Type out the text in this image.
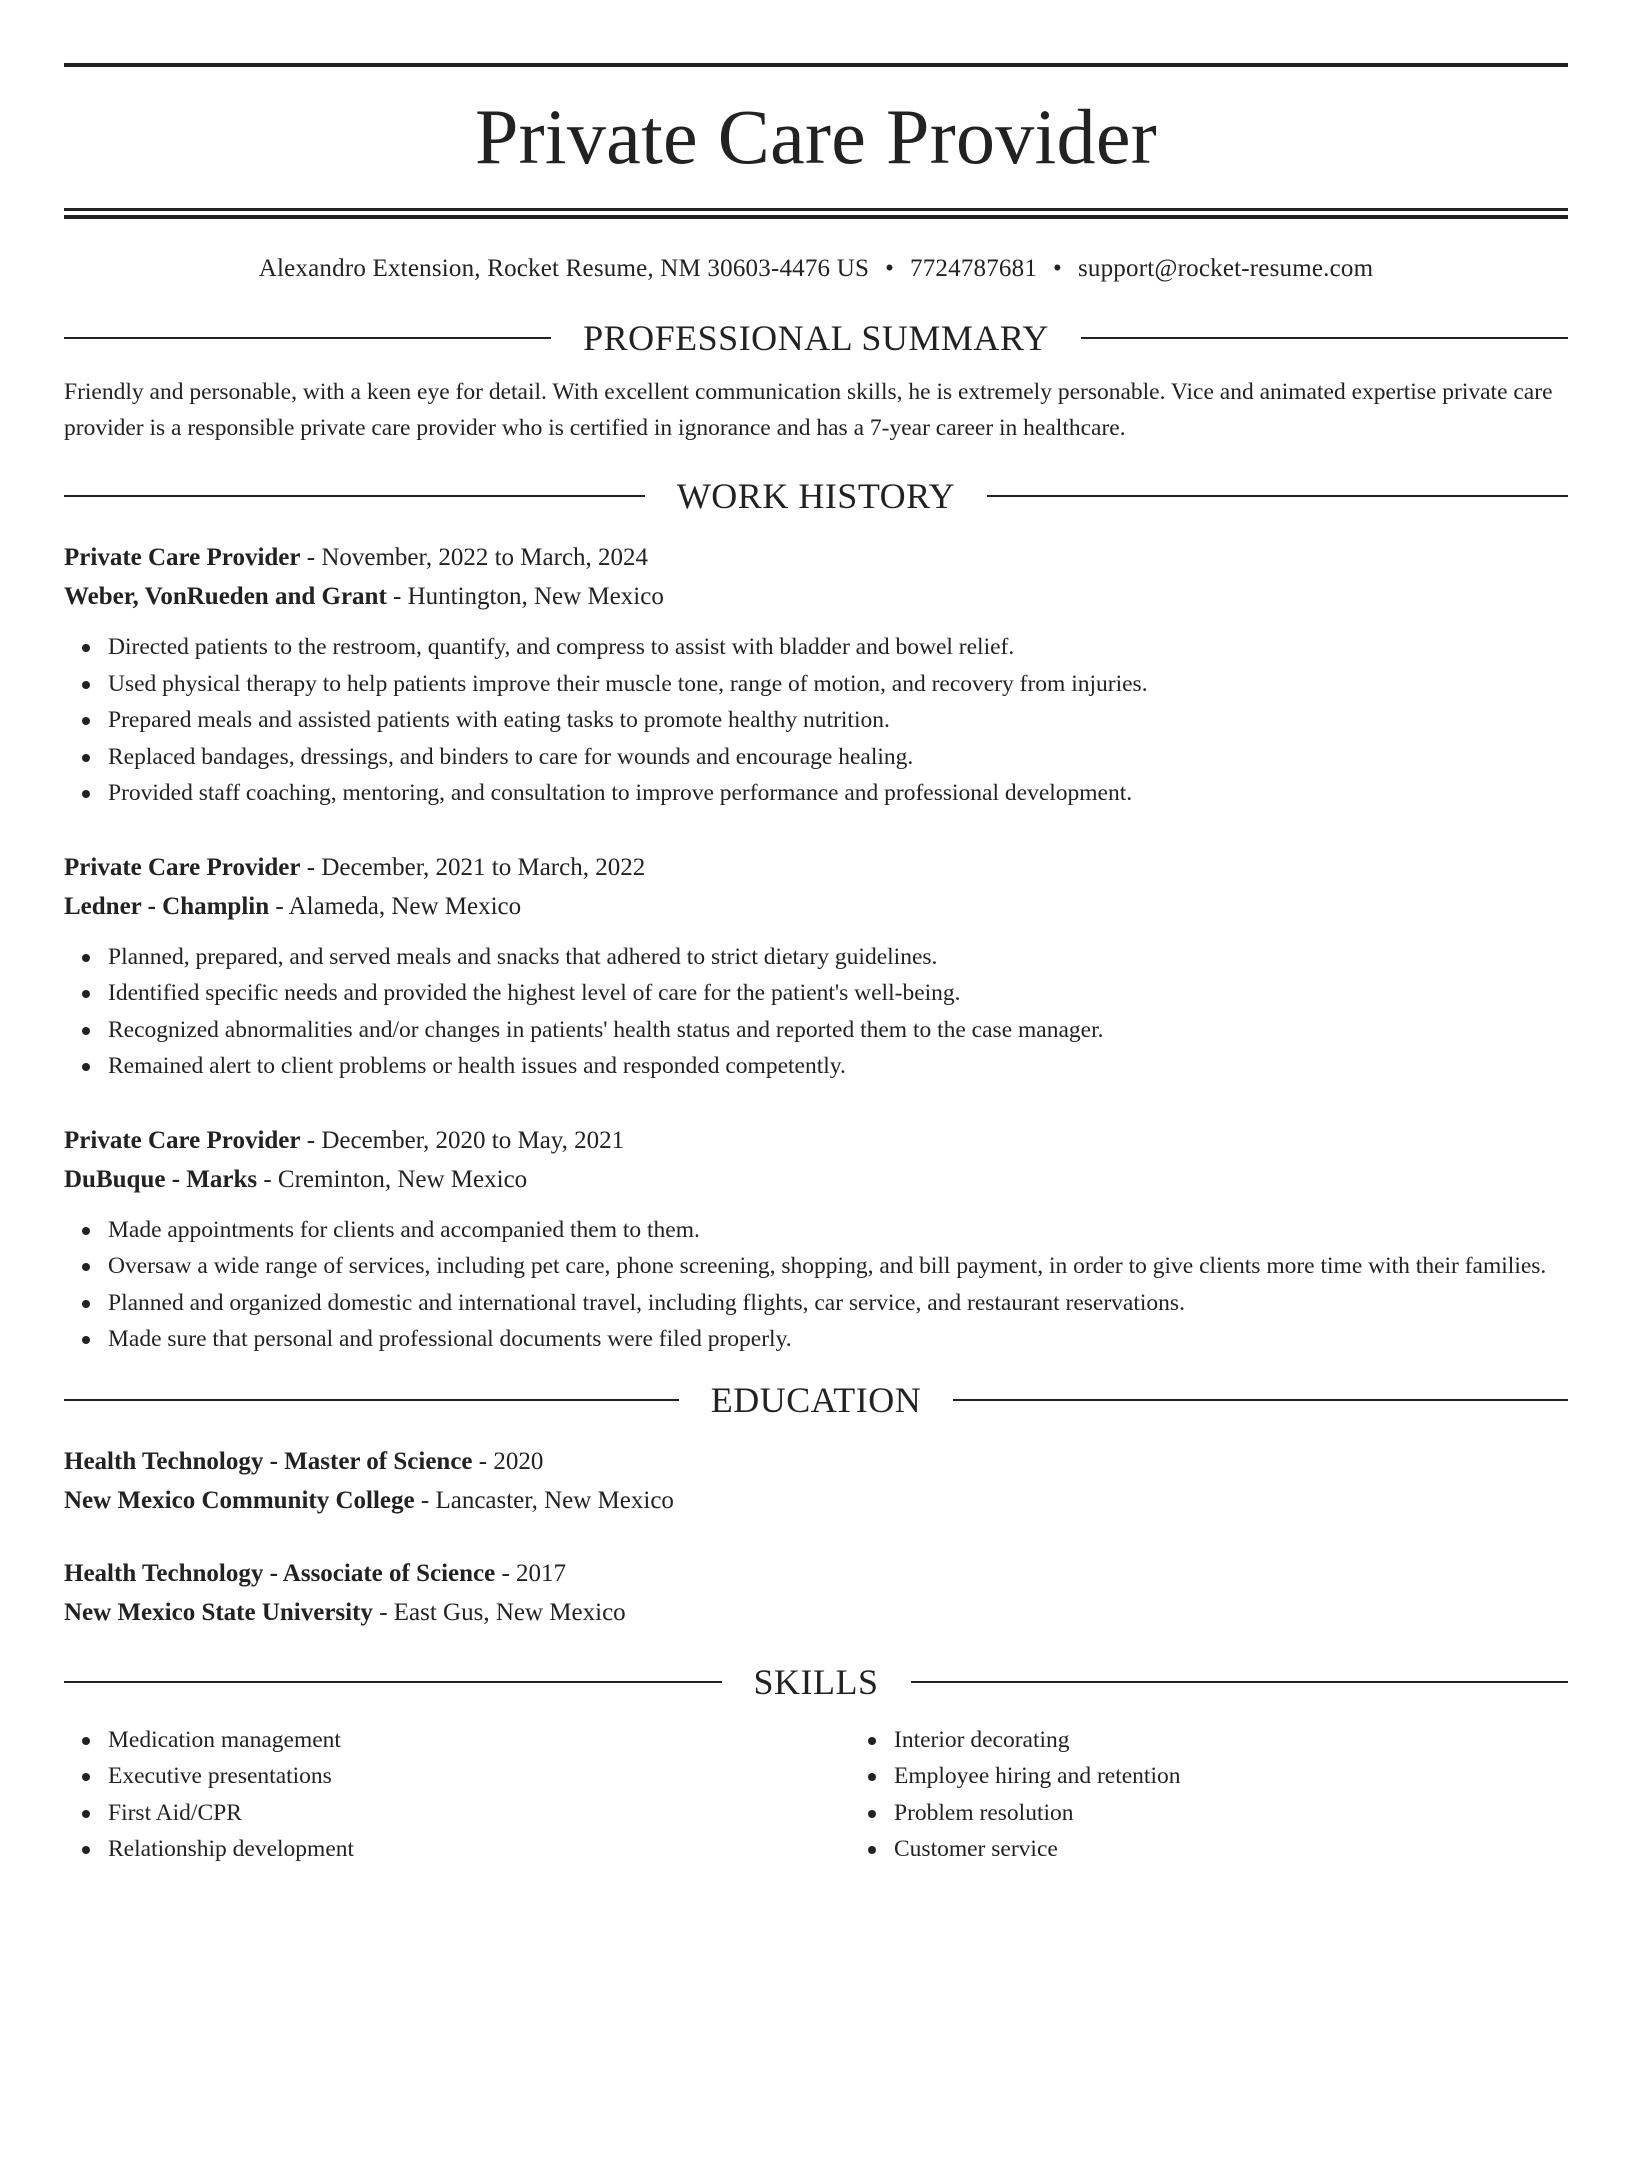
Private Care Provider
Alexandro Extension, Rocket Resume, NM 30603-4476 US • 7724787681 • support@rocket-resume.com
PROFESSIONAL SUMMARY
Friendly and personable, with a keen eye for detail. With excellent communication skills, he is extremely personable. Vice and animated expertise private care provider is a responsible private care provider who is certified in ignorance and has a 7-year career in healthcare.
WORK HISTORY
Private Care Provider - November, 2022 to March, 2024
Weber, VonRueden and Grant - Huntington, New Mexico
Directed patients to the restroom, quantify, and compress to assist with bladder and bowel relief.
Used physical therapy to help patients improve their muscle tone, range of motion, and recovery from injuries.
Prepared meals and assisted patients with eating tasks to promote healthy nutrition.
Replaced bandages, dressings, and binders to care for wounds and encourage healing.
Provided staff coaching, mentoring, and consultation to improve performance and professional development.
Private Care Provider - December, 2021 to March, 2022
Ledner - Champlin - Alameda, New Mexico
Planned, prepared, and served meals and snacks that adhered to strict dietary guidelines.
Identified specific needs and provided the highest level of care for the patient's well-being.
Recognized abnormalities and/or changes in patients' health status and reported them to the case manager.
Remained alert to client problems or health issues and responded competently.
Private Care Provider - December, 2020 to May, 2021
DuBuque - Marks - Creminton, New Mexico
Made appointments for clients and accompanied them to them.
Oversaw a wide range of services, including pet care, phone screening, shopping, and bill payment, in order to give clients more time with their families.
Planned and organized domestic and international travel, including flights, car service, and restaurant reservations.
Made sure that personal and professional documents were filed properly.
EDUCATION
Health Technology - Master of Science - 2020
New Mexico Community College - Lancaster, New Mexico
Health Technology - Associate of Science - 2017
New Mexico State University - East Gus, New Mexico
SKILLS
Medication management
Executive presentations
First Aid/CPR
Relationship development
Interior decorating
Employee hiring and retention
Problem resolution
Customer service
